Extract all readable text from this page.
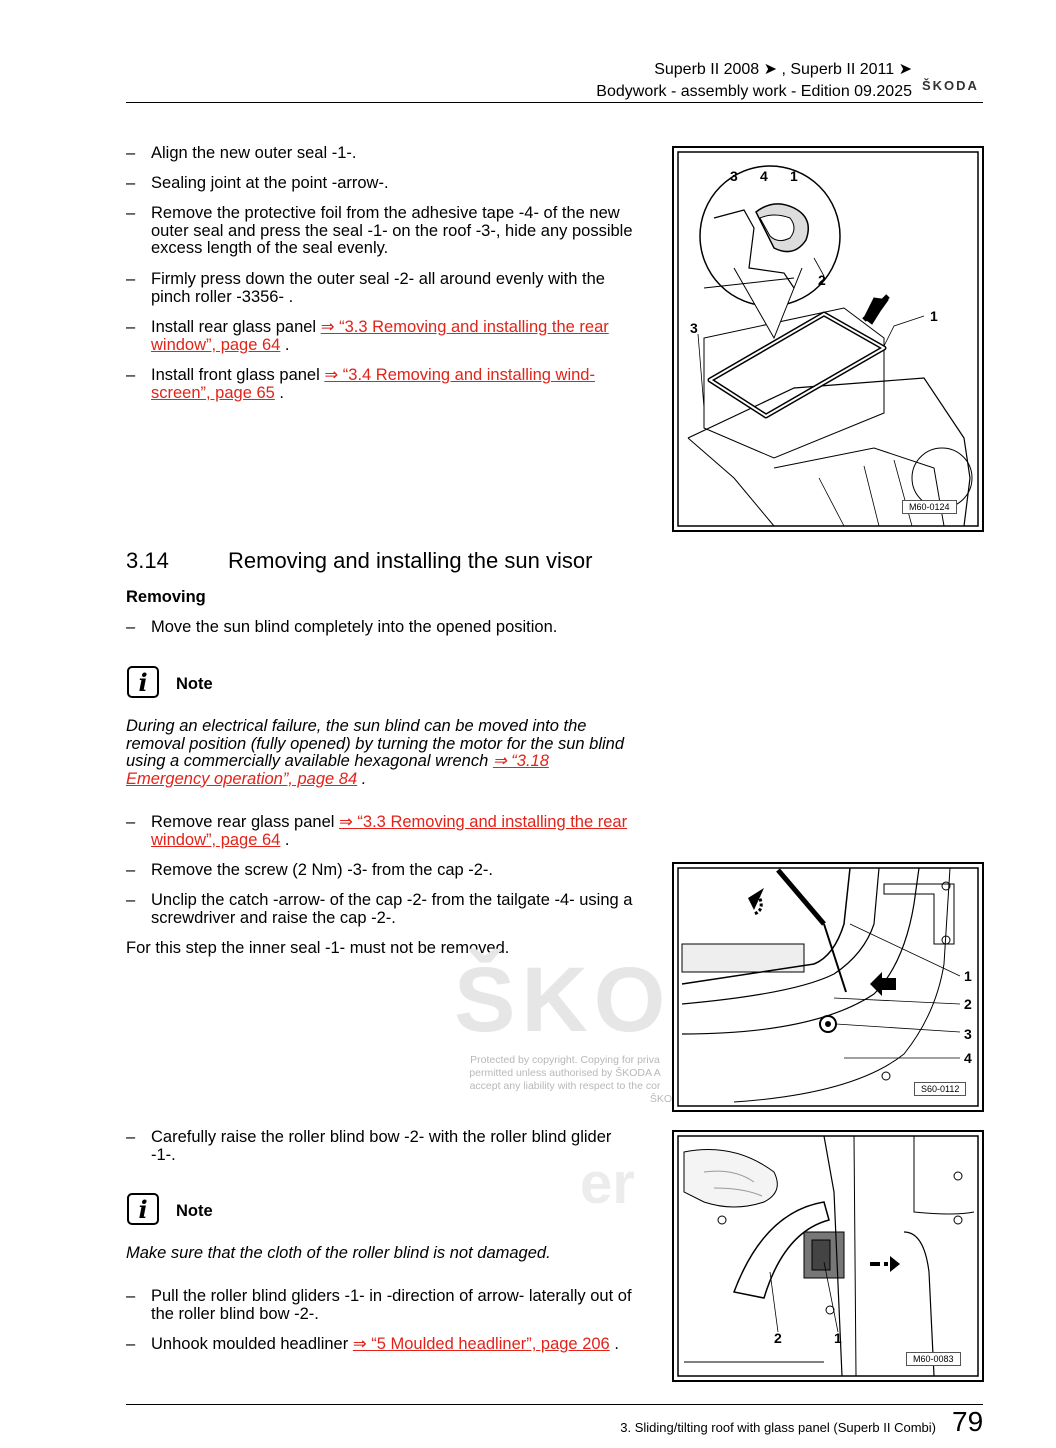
Superb II 2008 ➤ , Superb II 2011 ➤
Bodywork - assembly work - Edition 09.2025 ŠKODA
– Align the new outer seal -1-.
– Sealing joint at the point -arrow-.
– Remove the protective foil from the adhesive tape -4- of the new outer seal and press the seal -1- on the roof -3-, hide any possible excess length of the seal evenly.
– Firmly press down the outer seal -2- all around evenly with the pinch roller -3356- .
– Install rear glass panel ⇒ “3.3 Removing and installing the rear window”, page 64 .
– Install front glass panel ⇒ “3.4 Removing and installing wind-screen”, page 65 .
3 4 1
2
1
3
M60-0124
3.14	Removing and installing the sun visor
Removing
– Move the sun blind completely into the opened position.
i	Note
During an electrical failure, the sun blind can be moved into the removal position (fully opened) by turning the motor for the sun blind using a commercially available hexagonal wrench ⇒ “3.18 Emergency operation”, page 84 .
– Remove rear glass panel ⇒ “3.3 Removing and installing the rear window”, page 64 .
– Remove the screw (2 Nm) -3- from the cap -2-.
– Unclip the catch -arrow- of the cap -2- from the tailgate -4- using a screwdriver and raise the cap -2-.
For this step the inner seal -1- must not be removed.
ŠKO
Protected by copyright. Copying for priva
permitted unless authorised by ŠKODA A
accept any liability with respect to the cor
ŠKO
er
1
2
3
4
S60-0112
– Carefully raise the roller blind bow -2- with the roller blind glider -1-.
i	Note
Make sure that the cloth of the roller blind is not damaged.
– Pull the roller blind gliders -1- in -direction of arrow- laterally out of the roller blind bow -2-.
– Unhook moulded headliner ⇒ “5 Moulded headliner”, page 206 .	2	1
M60-0083
3. Sliding/tilting roof with glass panel (Superb II Combi) 79
